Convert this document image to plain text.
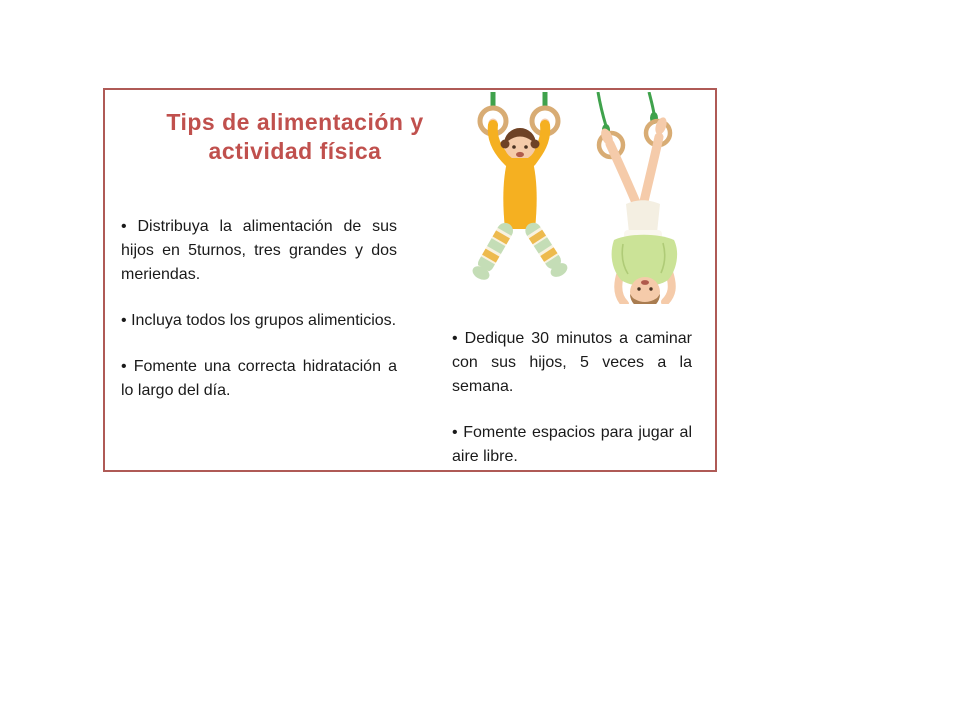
Tips de alimentación y actividad física

• Distribuya la alimentación de sus hijos en 5turnos, tres grandes y dos meriendas.

• Incluya todos los grupos alimenticios.

• Fomente una correcta hidratación a lo largo del día.

• Dedique 30 minutos a caminar con sus hijos, 5 veces a la semana.

• Fomente espacios para jugar al aire libre.
